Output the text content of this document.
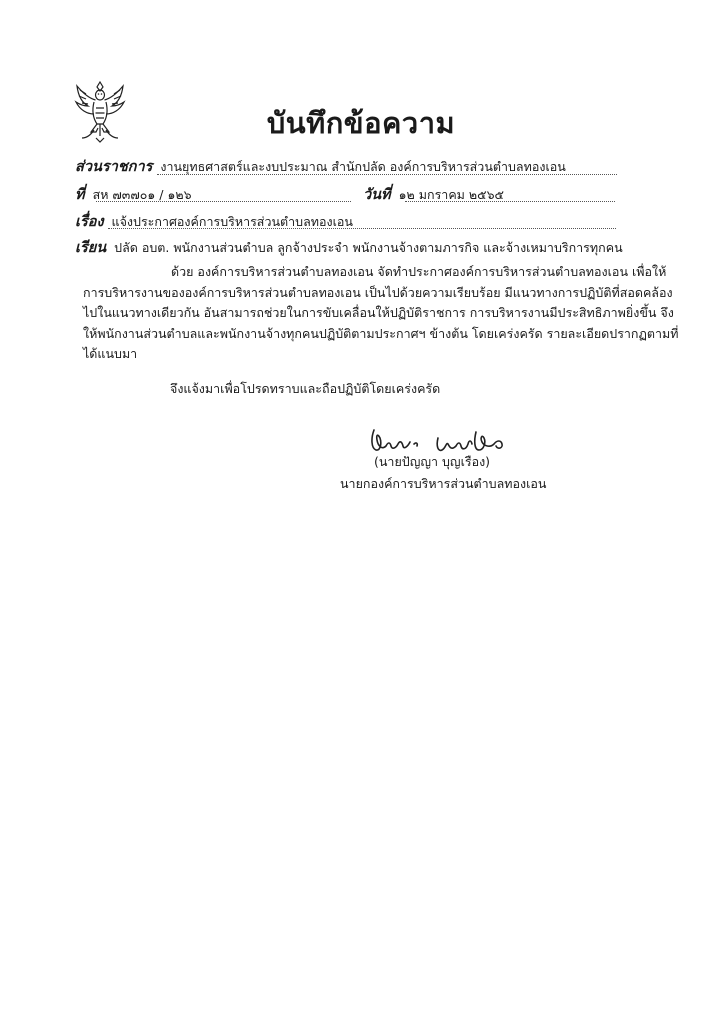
บันทึกข้อความ
ส่วนราชการ งานยุทธศาสตร์และงบประมาณ สำนักปลัด องค์การบริหารส่วนตำบลทองเอน
ที่ สห ๗๓๗๐๑ / ๑๒๖	วันที่ ๑๒ มกราคม ๒๕๖๕
เรื่อง แจ้งประกาศองค์การบริหารส่วนตำบลทองเอน
เรียน ปลัด อบต. พนักงานส่วนตำบล ลูกจ้างประจำ พนักงานจ้างตามภารกิจ และจ้างเหมาบริการทุกคน
ด้วย องค์การบริหารส่วนตำบลทองเอน จัดทำประกาศองค์การบริหารส่วนตำบลทองเอน เพื่อให้
การบริหารงานขององค์การบริหารส่วนตำบลทองเอน เป็นไปด้วยความเรียบร้อย มีแนวทางการปฏิบัติที่สอดคล้อง
ไปในแนวทางเดียวกัน อันสามารถช่วยในการขับเคลื่อนให้ปฏิบัติราชการ การบริหารงานมีประสิทธิภาพยิ่งขึ้น จึง
ให้พนักงานส่วนตำบลและพนักงานจ้างทุกคนปฏิบัติตามประกาศฯ ข้างต้น โดยเคร่งครัด รายละเอียดปรากฏตามที่
ได้แนบมา
จึงแจ้งมาเพื่อโปรดทราบและถือปฏิบัติโดยเคร่งครัด
(นายปัญญา บุญเรือง)
นายกองค์การบริหารส่วนตำบลทองเอน
